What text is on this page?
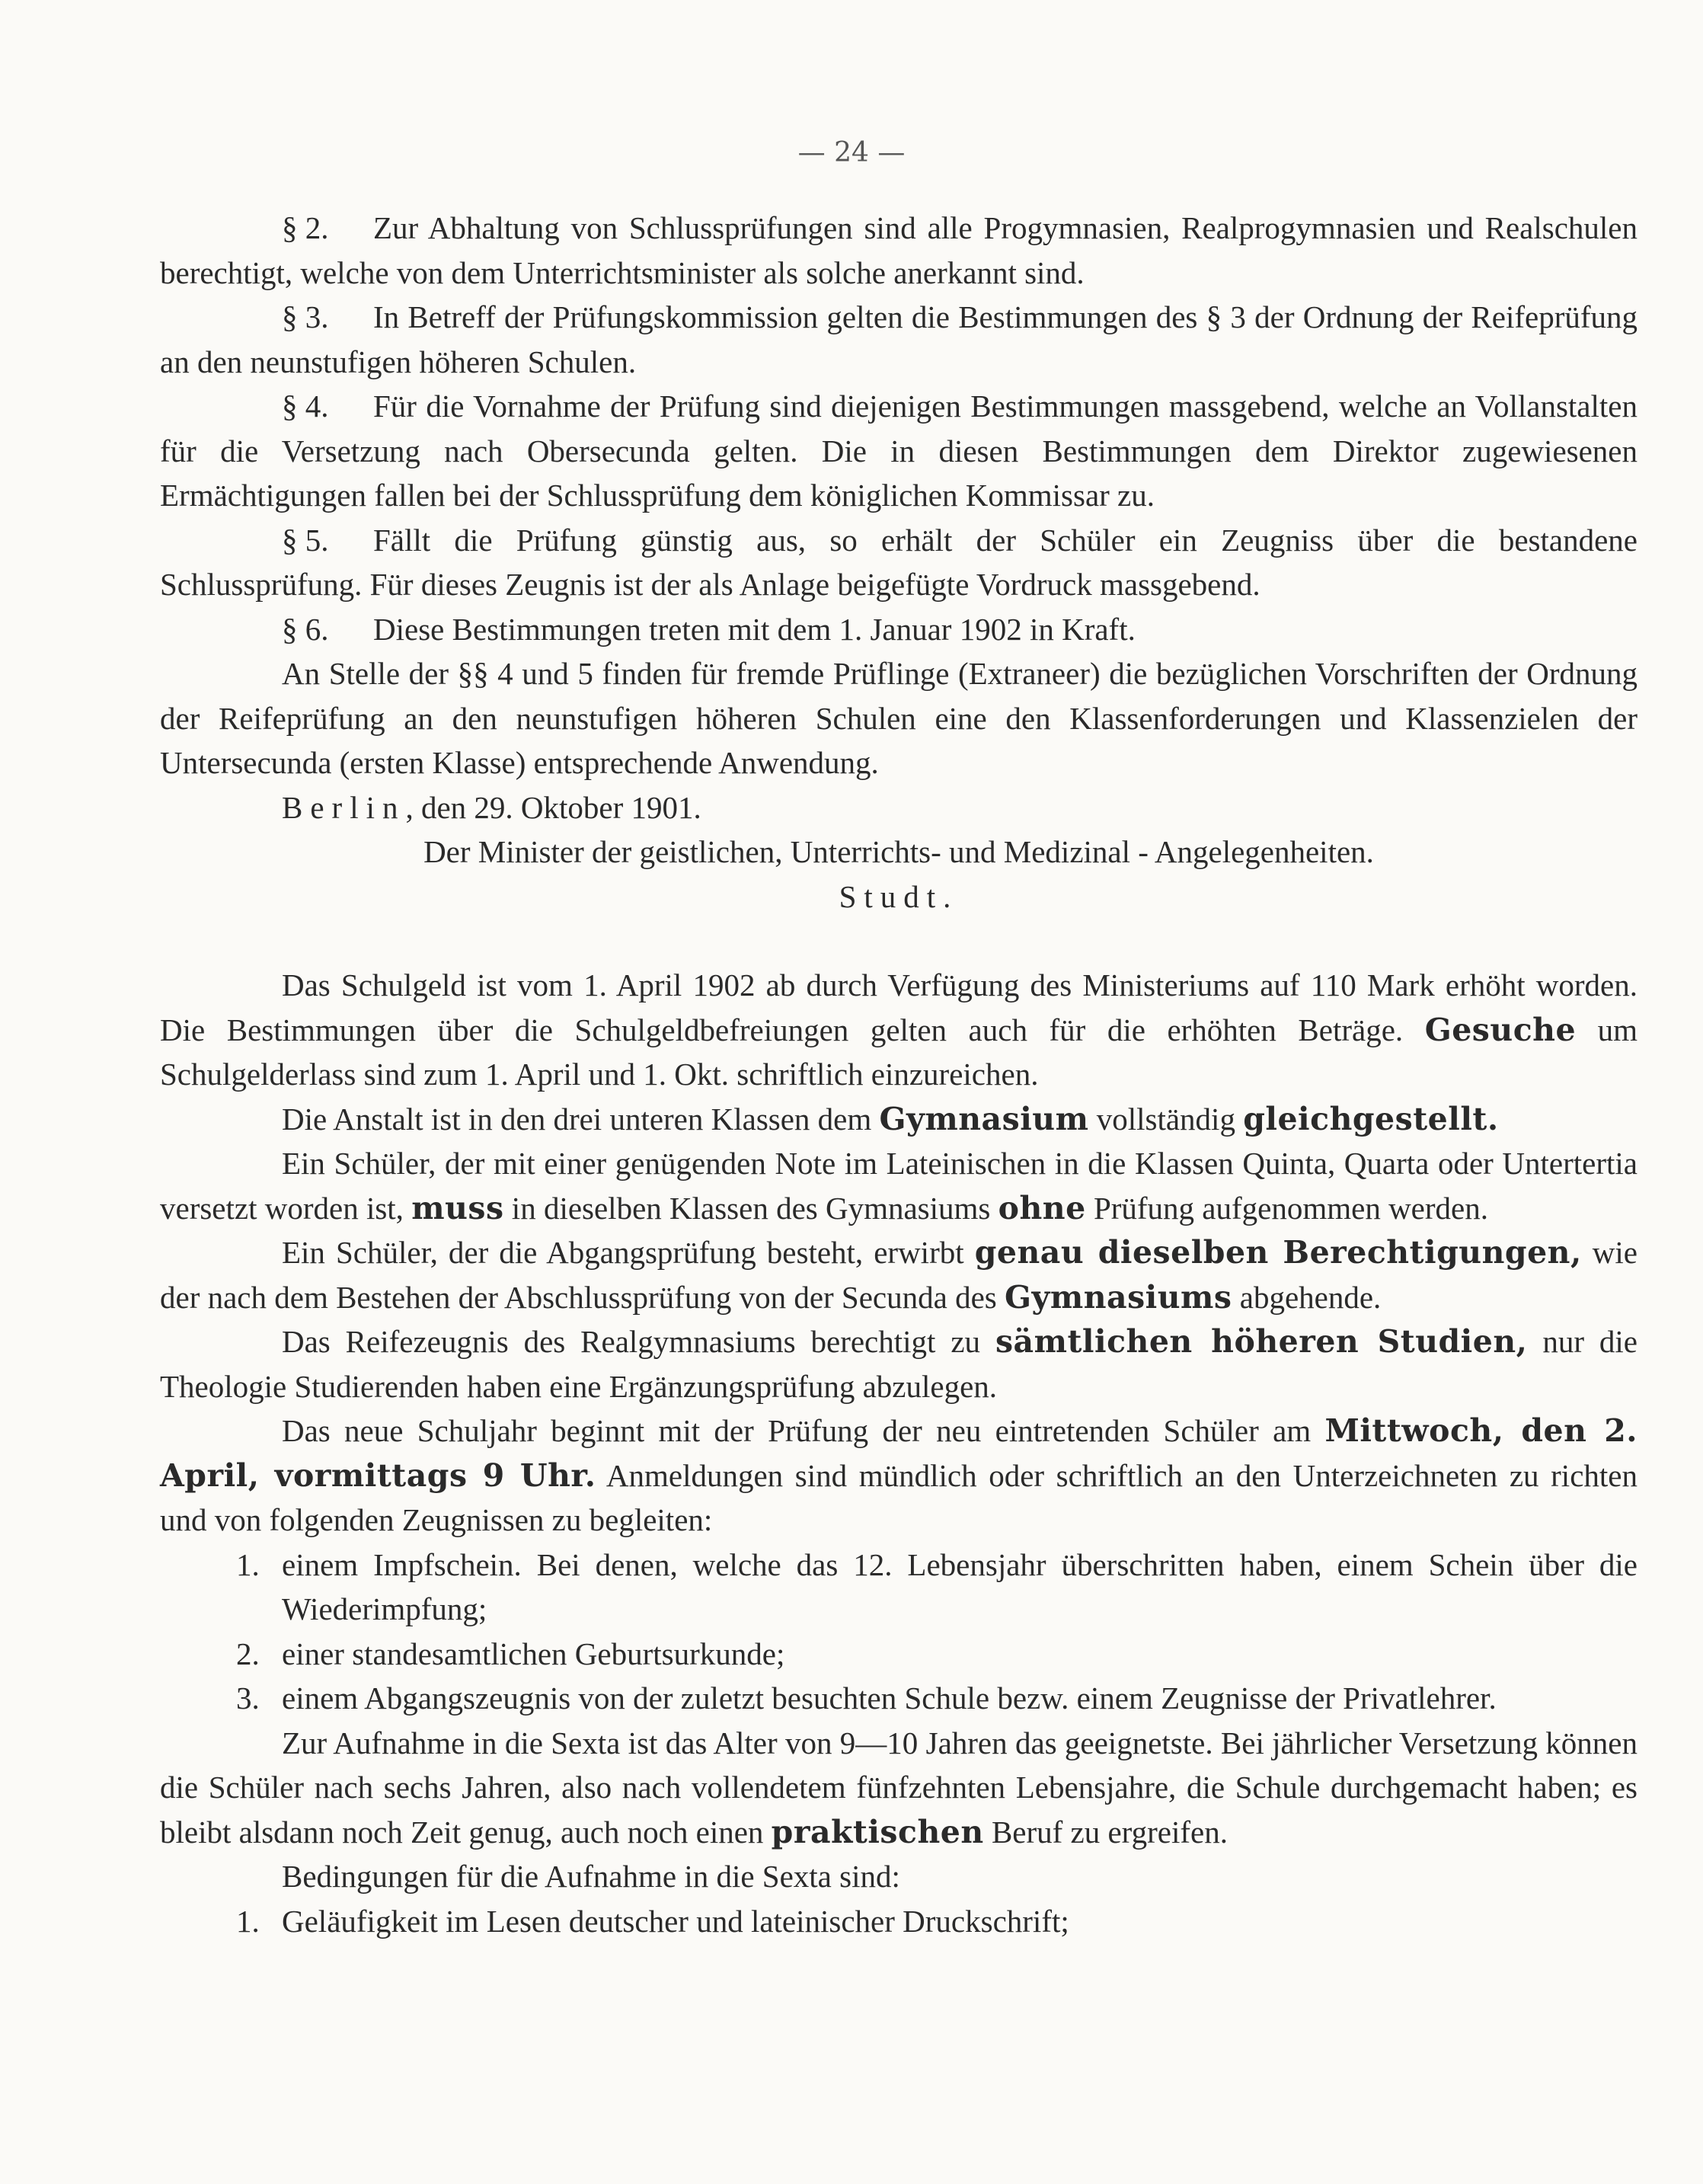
— 24 —

§ 2. Zur Abhaltung von Schlussprüfungen sind alle Progymnasien, Realprogymnasien und Realschulen berechtigt, welche von dem Unterrichtsminister als solche anerkannt sind.

§ 3. In Betreff der Prüfungskommission gelten die Bestimmungen des § 3 der Ordnung der Reifeprüfung an den neunstufigen höheren Schulen.

§ 4. Für die Vornahme der Prüfung sind diejenigen Bestimmungen massgebend, welche an Vollanstalten für die Versetzung nach Obersecunda gelten. Die in diesen Bestimmungen dem Direktor zugewiesenen Ermächtigungen fallen bei der Schlussprüfung dem königlichen Kommissar zu.

§ 5. Fällt die Prüfung günstig aus, so erhält der Schüler ein Zeugniss über die bestandene Schlussprüfung. Für dieses Zeugnis ist der als Anlage beigefügte Vordruck massgebend.

§ 6. Diese Bestimmungen treten mit dem 1. Januar 1902 in Kraft.

An Stelle der §§ 4 und 5 finden für fremde Prüflinge (Extraneer) die bezüglichen Vorschriften der Ordnung der Reifeprüfung an den neunstufigen höheren Schulen eine den Klassenforderungen und Klassenzielen der Untersecunda (ersten Klasse) entsprechende Anwendung.

Berlin, den 29. Oktober 1901.

Der Minister der geistlichen, Unterrichts- und Medizinal - Angelegenheiten.

Studt.

Das Schulgeld ist vom 1. April 1902 ab durch Verfügung des Ministeriums auf 110 Mark erhöht worden. Die Bestimmungen über die Schulgeldbefreiungen gelten auch für die erhöhten Beträge. Gesuche um Schulgelderlass sind zum 1. April und 1. Okt. schriftlich einzureichen.

Die Anstalt ist in den drei unteren Klassen dem Gymnasium vollständig gleichgestellt.

Ein Schüler, der mit einer genügenden Note im Lateinischen in die Klassen Quinta, Quarta oder Untertertia versetzt worden ist, muss in dieselben Klassen des Gymnasiums ohne Prüfung aufgenommen werden.

Ein Schüler, der die Abgangsprüfung besteht, erwirbt genau dieselben Berechtigungen, wie der nach dem Bestehen der Abschlussprüfung von der Secunda des Gymnasiums abgehende.

Das Reifezeugnis des Realgymnasiums berechtigt zu sämtlichen höheren Studien, nur die Theologie Studierenden haben eine Ergänzungsprüfung abzulegen.

Das neue Schuljahr beginnt mit der Prüfung der neu eintretenden Schüler am Mittwoch, den 2. April, vormittags 9 Uhr. Anmeldungen sind mündlich oder schriftlich an den Unterzeichneten zu richten und von folgenden Zeugnissen zu begleiten:

1. einem Impfschein. Bei denen, welche das 12. Lebensjahr überschritten haben, einem Schein über die Wiederimpfung;

2. einer standesamtlichen Geburtsurkunde;

3. einem Abgangszeugnis von der zuletzt besuchten Schule bezw. einem Zeugnisse der Privatlehrer.

Zur Aufnahme in die Sexta ist das Alter von 9—10 Jahren das geeignetste. Bei jährlicher Versetzung können die Schüler nach sechs Jahren, also nach vollendetem fünfzehnten Lebensjahre, die Schule durchgemacht haben; es bleibt alsdann noch Zeit genug, auch noch einen praktischen Beruf zu ergreifen.

Bedingungen für die Aufnahme in die Sexta sind:

1. Geläufigkeit im Lesen deutscher und lateinischer Druckschrift;
